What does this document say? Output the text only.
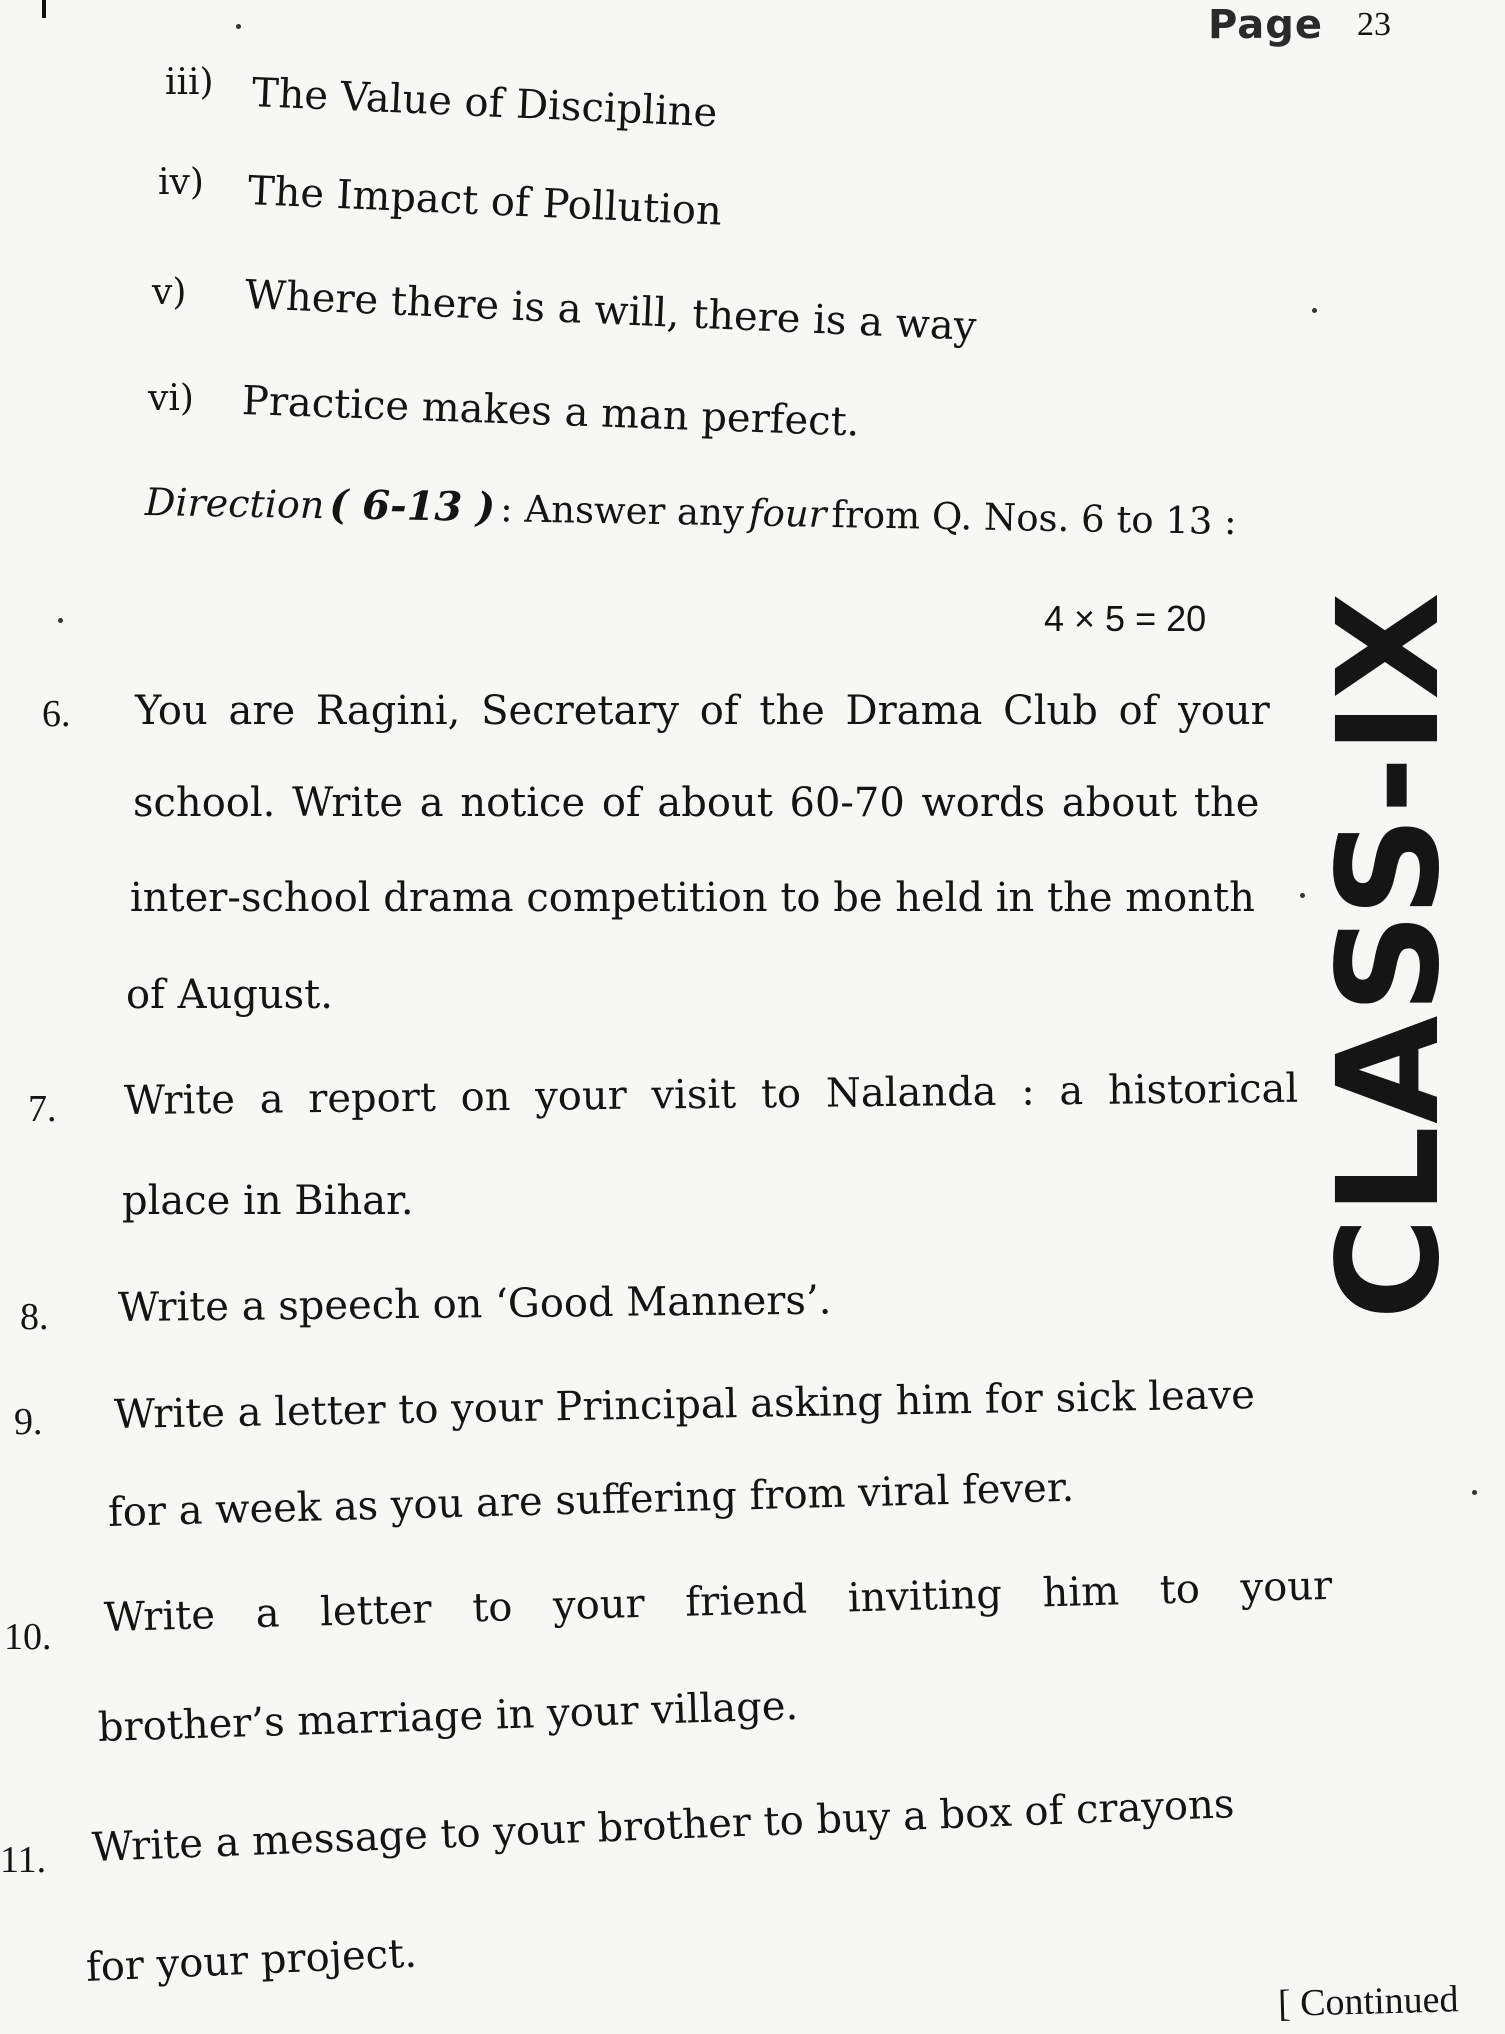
Page 23
iii) The Value of Discipline
iv) The Impact of Pollution
v) Where there is a will, there is a way
vi) Practice makes a man perfect.
Direction ( 6-13 ) : Answer any four from Q. Nos. 6 to 13 :
4 × 5 = 20
6. You are Ragini, Secretary of the Drama Club of your
school. Write a notice of about 60-70 words about the
inter-school drama competition to be held in the month
of August.
7. Write a report on your visit to Nalanda : a historical
place in Bihar.
8. Write a speech on ‘Good Manners’.
9. Write a letter to your Principal asking him for sick leave
for a week as you are suffering from viral fever.
10. Write a letter to your friend inviting him to your
brother’s marriage in your village.
11. Write a message to your brother to buy a box of crayons
for your project.
CLASS-IX
[ Continued
